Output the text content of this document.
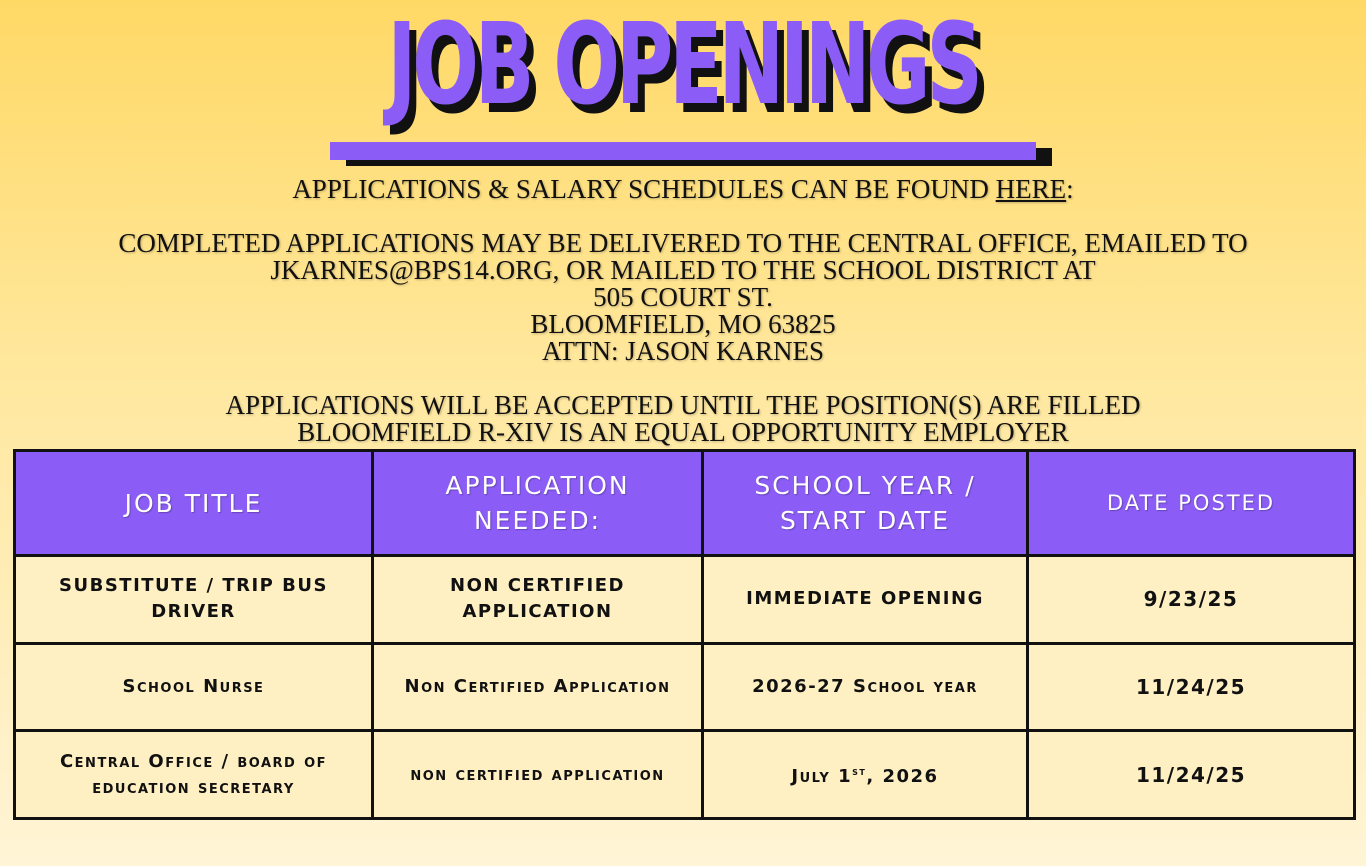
JOB OPENINGS

APPLICATIONS & SALARY SCHEDULES CAN BE FOUND HERE:

COMPLETED APPLICATIONS MAY BE DELIVERED TO THE CENTRAL OFFICE, EMAILED TO

JKARNES@BPS14.ORG, OR MAILED TO THE SCHOOL DISTRICT AT

505 COURT ST.

BLOOMFIELD, MO 63825

ATTN: JASON KARNES

APPLICATIONS WILL BE ACCEPTED UNTIL THE POSITION(S) ARE FILLED

BLOOMFIELD R-XIV IS AN EQUAL OPPORTUNITY EMPLOYER

JOB TITLE	APPLICATION NEEDED:	SCHOOL YEAR / START DATE	DATE POSTED
SUBSTITUTE / TRIP BUS DRIVER	NON CERTIFIED APPLICATION	IMMEDIATE OPENING	9/23/25
School Nurse	Non Certified Application	2026-27 School year	11/24/25
Central Office / board of education secretary	non certified application	July 1st, 2026	11/24/25
